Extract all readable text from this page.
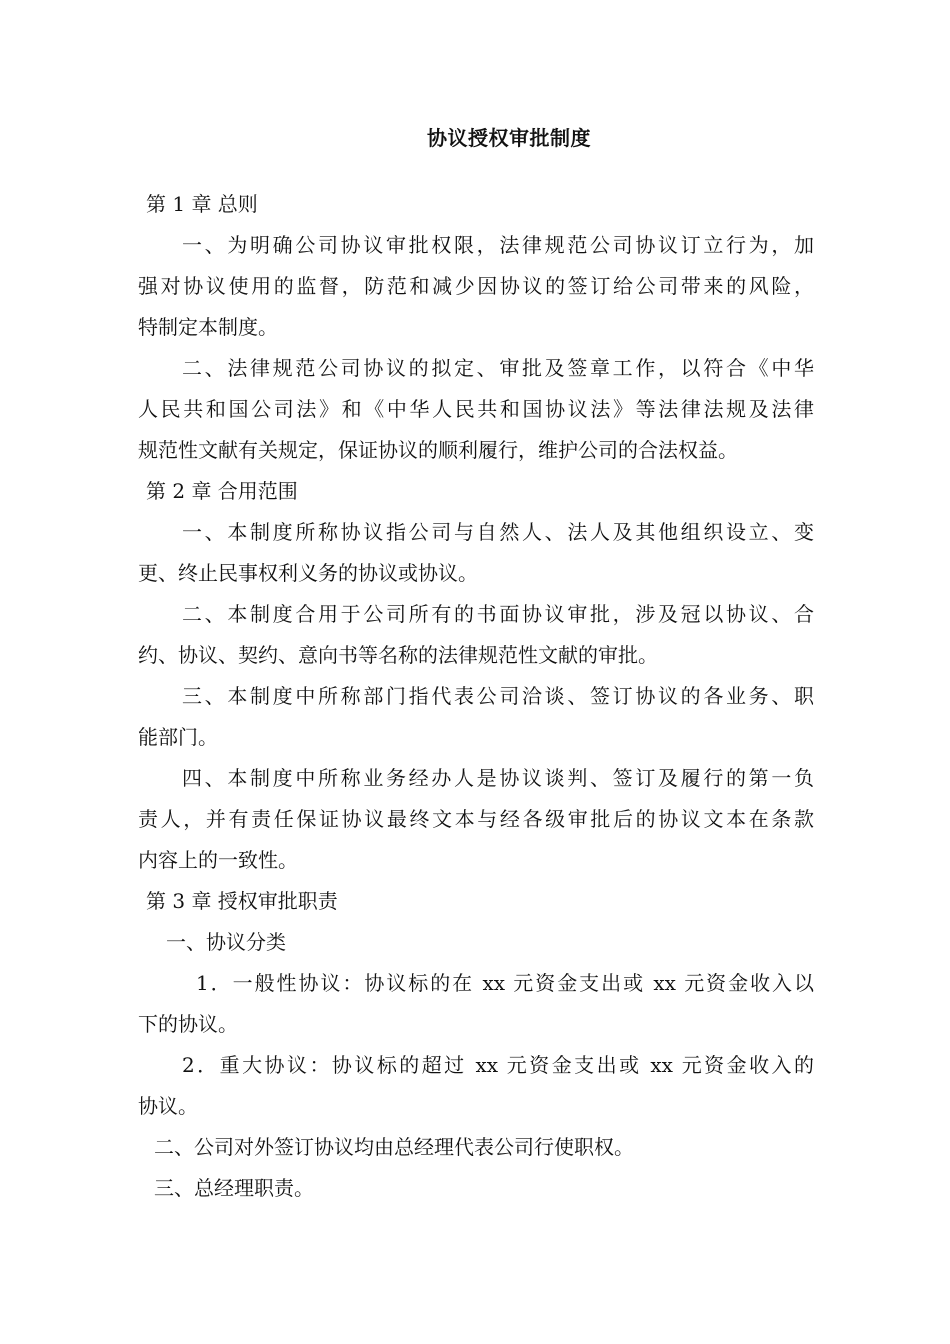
协议授权审批制度
第 1 章 总则
一、为明确公司协议审批权限，法律规范公司协议订立行为，加
强对协议使用的监督，防范和减少因协议的签订给公司带来的风险，
特制定本制度。
二、法律规范公司协议的拟定、审批及签章工作，以符合《中华
人民共和国公司法》和《中华人民共和国协议法》等法律法规及法律
规范性文献有关规定，保证协议的顺利履行，维护公司的合法权益。
第 2 章 合用范围
一、本制度所称协议指公司与自然人、法人及其他组织设立、变
更、终止民事权利义务的协议或协议。
二、本制度合用于公司所有的书面协议审批，涉及冠以协议、合
约、协议、契约、意向书等名称的法律规范性文献的审批。
三、本制度中所称部门指代表公司洽谈、签订协议的各业务、职
能部门。
四、本制度中所称业务经办人是协议谈判、签订及履行的第一负
责人，并有责任保证协议最终文本与经各级审批后的协议文本在条款
内容上的一致性。
第 3 章 授权审批职责
一、协议分类
1．一般性协议：协议标的在 xx 元资金支出或 xx 元资金收入以
下的协议。
2．重大协议：协议标的超过 xx 元资金支出或 xx 元资金收入的
协议。
二、公司对外签订协议均由总经理代表公司行使职权。
三、总经理职责。
